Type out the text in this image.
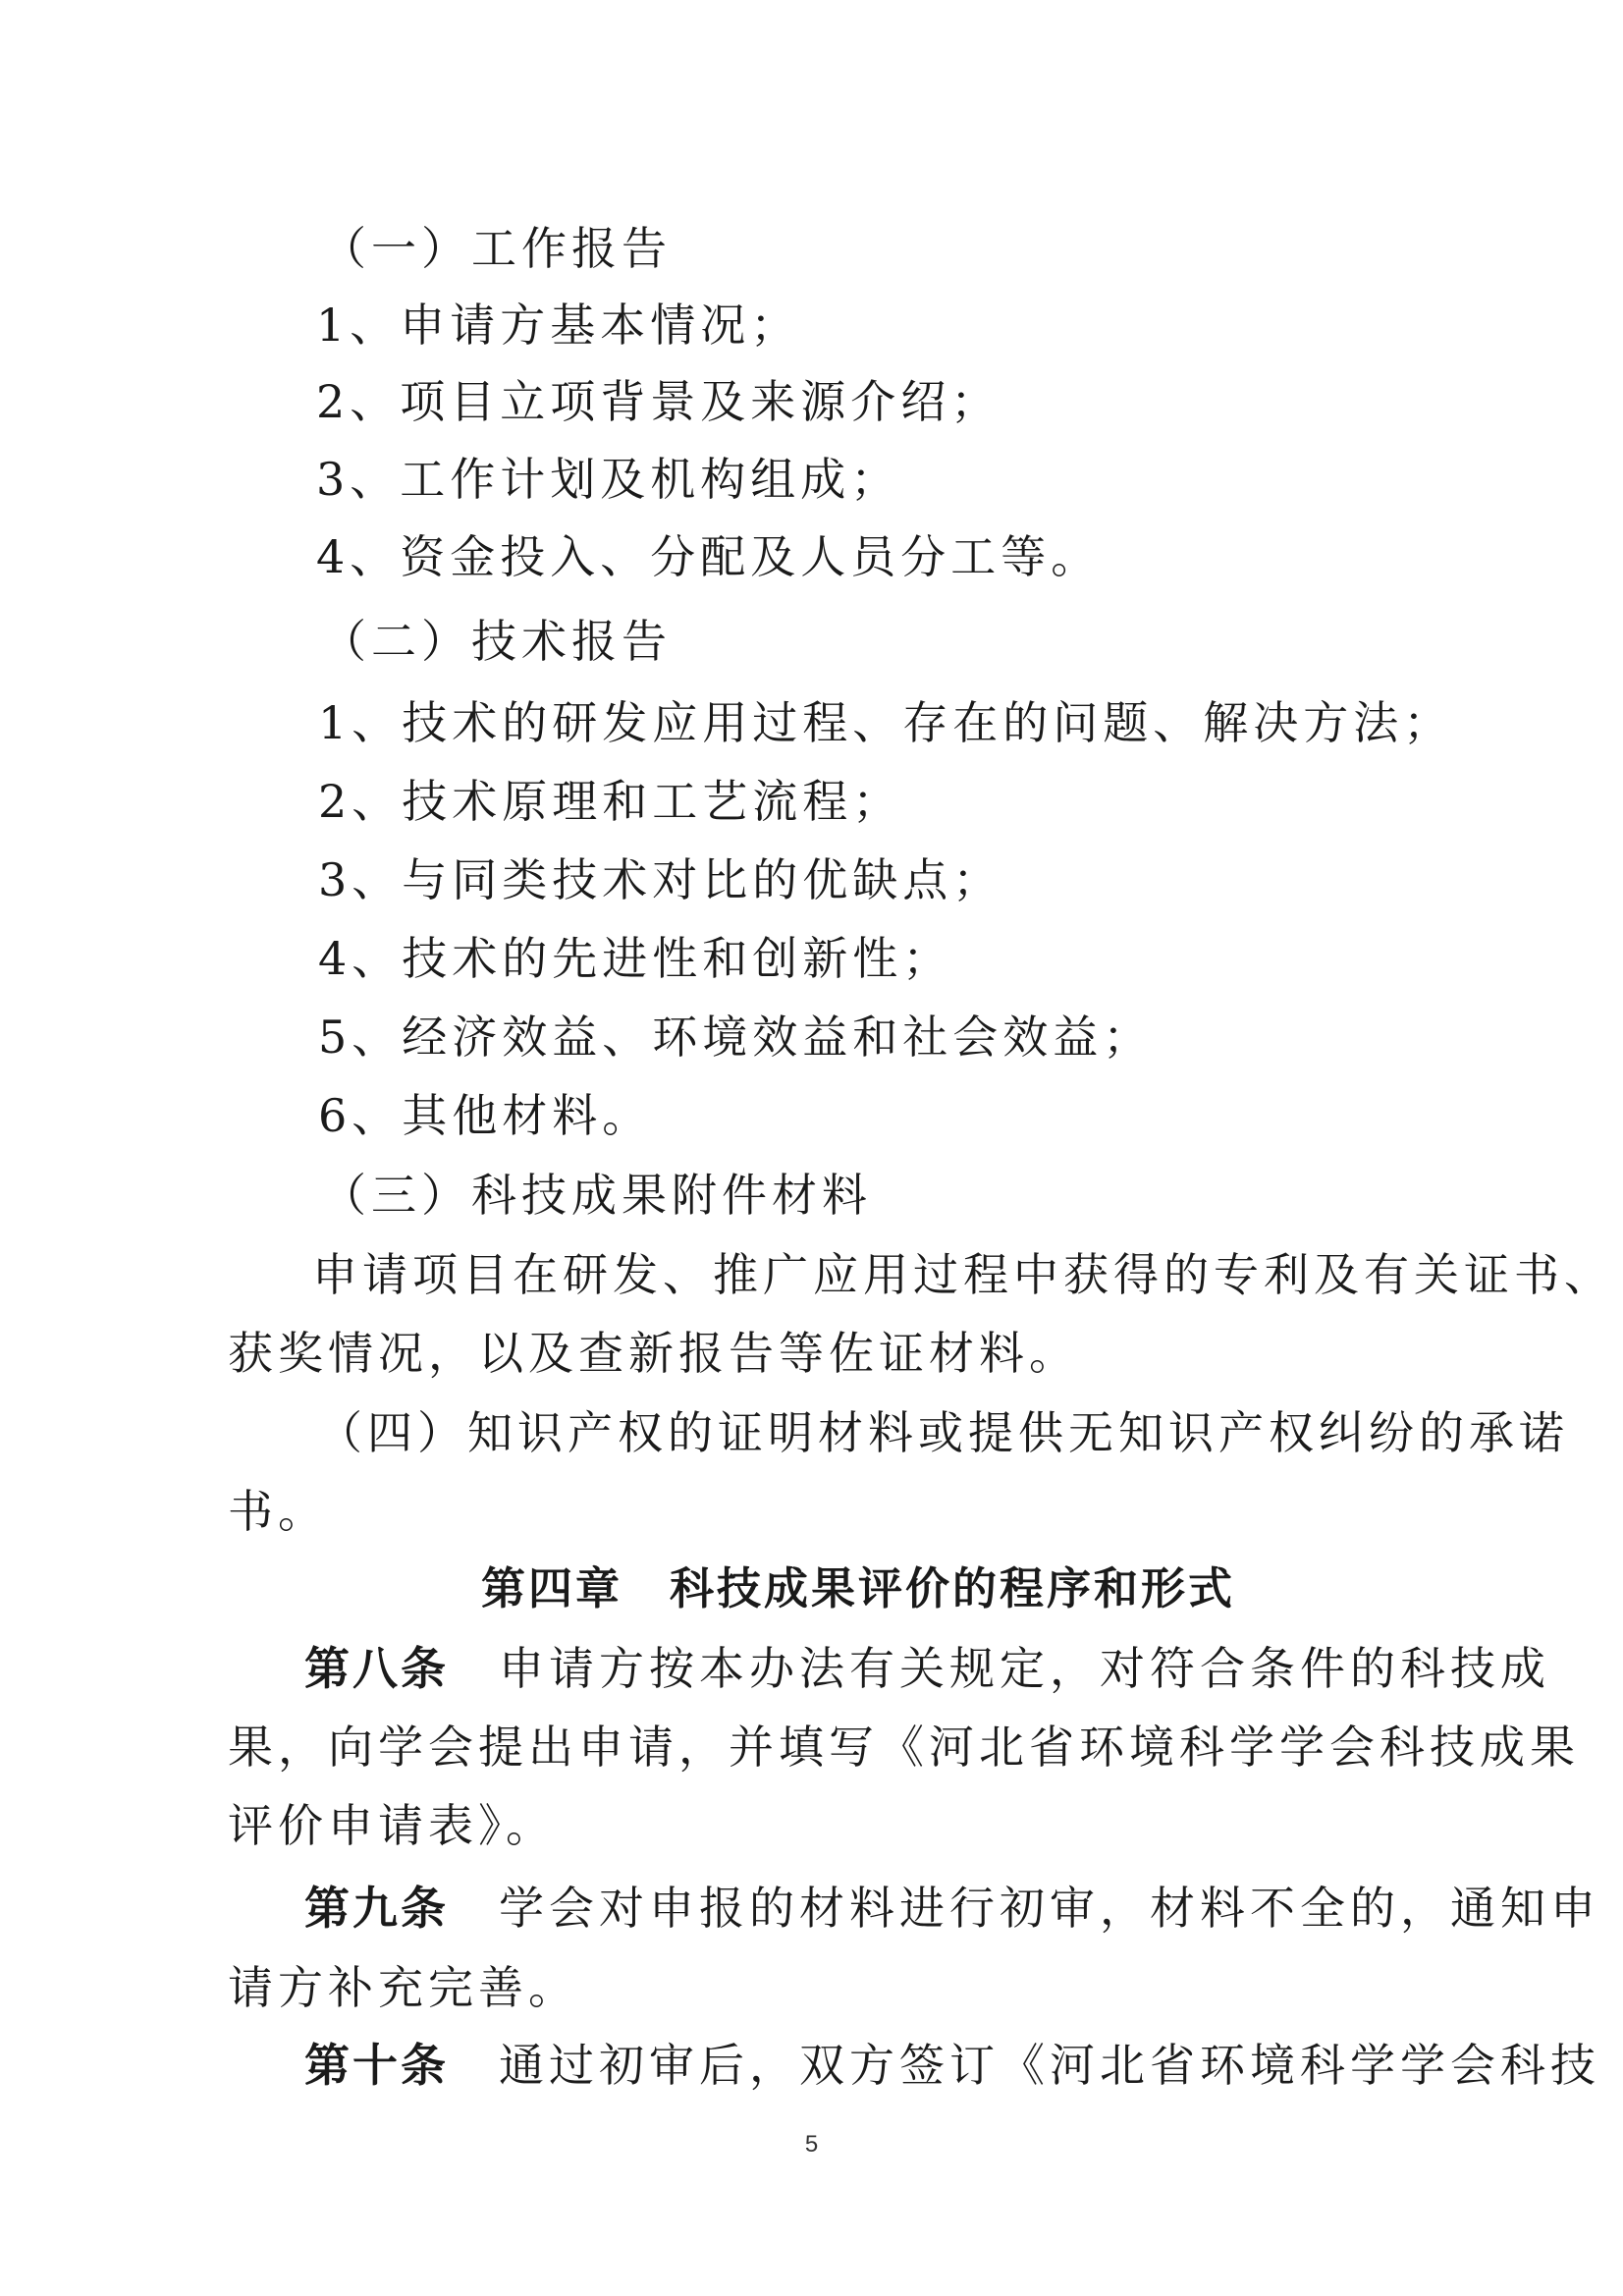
（一）工作报告
1、申请方基本情况；
2、项目立项背景及来源介绍；
3、工作计划及机构组成；
4、资金投入、分配及人员分工等。
（二）技术报告
1、技术的研发应用过程、存在的问题、解决方法；
2、技术原理和工艺流程；
3、与同类技术对比的优缺点；
4、技术的先进性和创新性；
5、经济效益、环境效益和社会效益；
6、其他材料。
（三）科技成果附件材料
申请项目在研发、推广应用过程中获得的专利及有关证书、
获奖情况，以及查新报告等佐证材料。
（四）知识产权的证明材料或提供无知识产权纠纷的承诺
书。
第四章　科技成果评价的程序和形式
第八条　申请方按本办法有关规定，对符合条件的科技成
果，向学会提出申请，并填写《河北省环境科学学会科技成果
评价申请表》。
第九条　学会对申报的材料进行初审，材料不全的，通知申
请方补充完善。
第十条　通过初审后，双方签订《河北省环境科学学会科技
5
